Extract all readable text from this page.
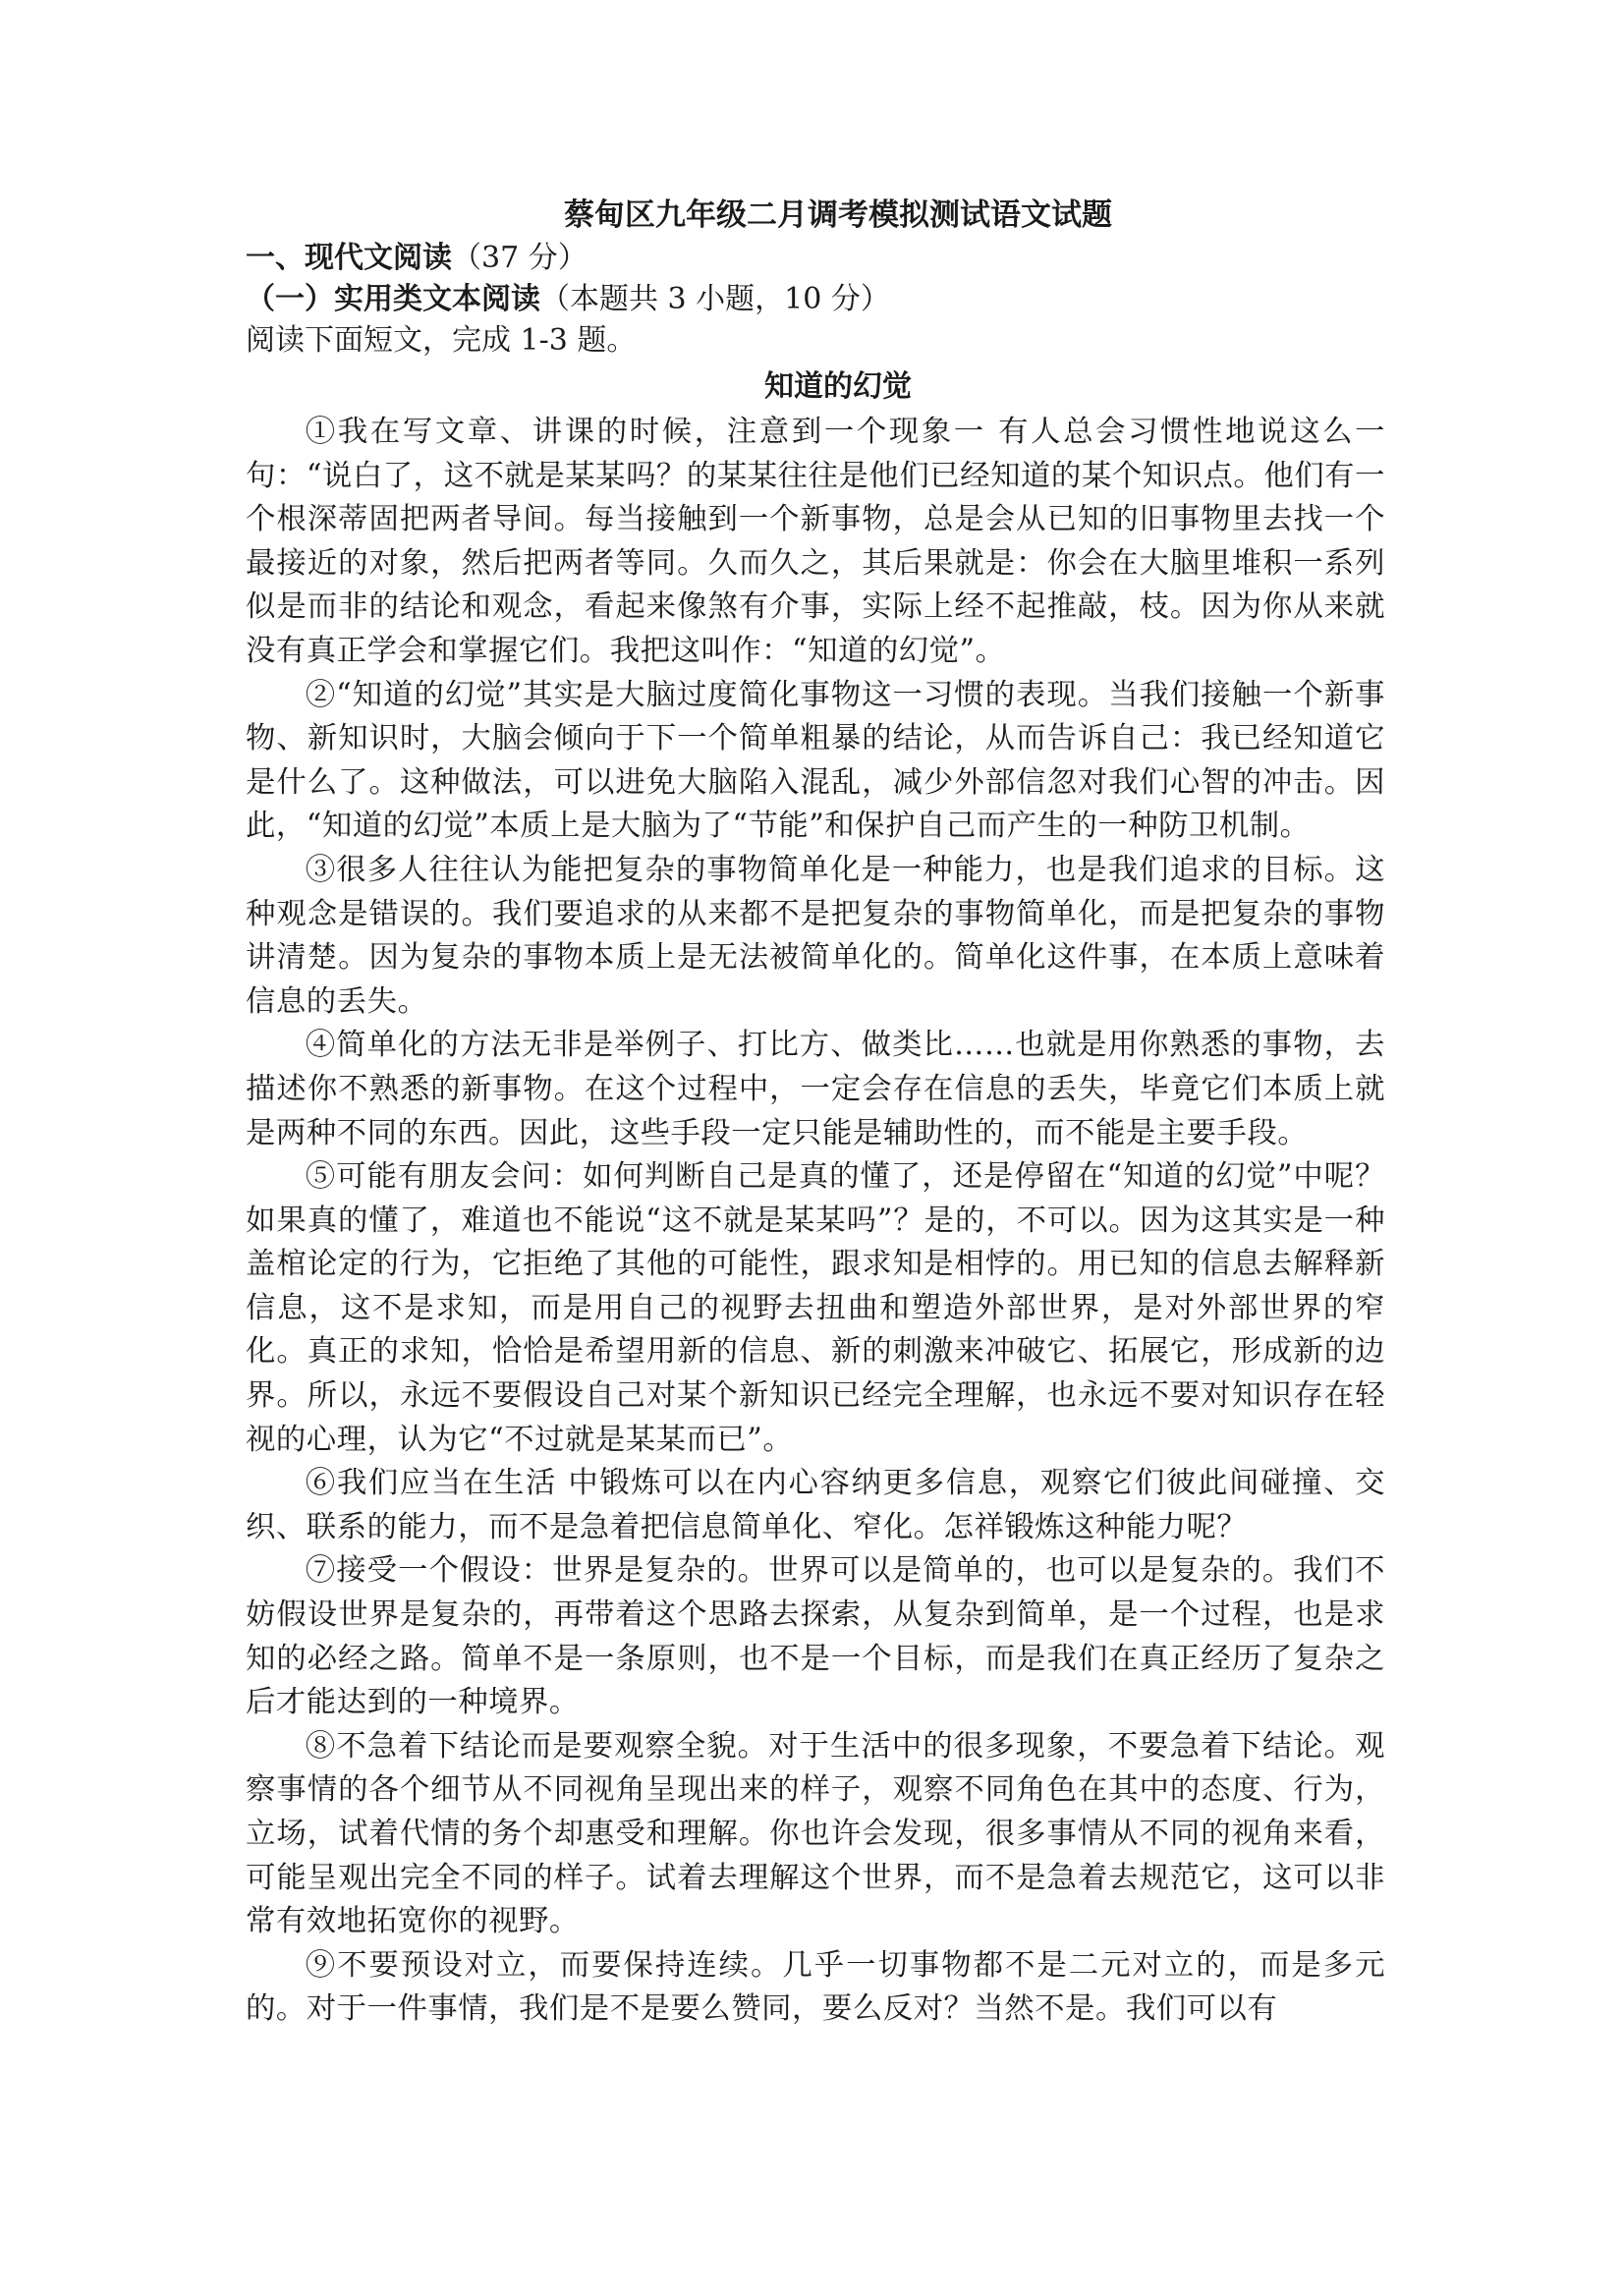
蔡甸区九年级二月调考模拟测试语文试题

一、现代文阅读（37 分）

（一）实用类文本阅读（本题共 3 小题，10 分）

阅读下面短文，完成 1-3 题。

知道的幻觉

①我在写文章、讲课的时候，注意到一个现象一 有人总会习惯性地说这么一句：“说白了，这不就是某某吗？的某某往往是他们已经知道的某个知识点。他们有一个根深蒂固把两者导间。每当接触到一个新事物，总是会从已知的旧事物里去找一个最接近的对象，然后把两者等同。久而久之，其后果就是：你会在大脑里堆积一系列似是而非的结论和观念，看起来像煞有介事，实际上经不起推敲，枝。因为你从来就没有真正学会和掌握它们。我把这叫作：“知道的幻觉”。

②“知道的幻觉”其实是大脑过度简化事物这一习惯的表现。当我们接触一个新事物、新知识时，大脑会倾向于下一个简单粗暴的结论，从而告诉自己：我已经知道它是什么了。这种做法，可以进免大脑陷入混乱，减少外部信忽对我们心智的冲击。因此，“知道的幻觉”本质上是大脑为了“节能”和保护自己而产生的一种防卫机制。

③很多人往往认为能把复杂的事物简单化是一种能力，也是我们追求的目标。这种观念是错误的。我们要追求的从来都不是把复杂的事物简单化，而是把复杂的事物讲清楚。因为复杂的事物本质上是无法被简单化的。简单化这件事，在本质上意味着信息的丢失。

④简单化的方法无非是举例子、打比方、做类比……也就是用你熟悉的事物，去描述你不熟悉的新事物。在这个过程中，一定会存在信息的丢失，毕竟它们本质上就是两种不同的东西。因此，这些手段一定只能是辅助性的，而不能是主要手段。

⑤可能有朋友会问：如何判断自己是真的懂了，还是停留在“知道的幻觉”中呢？如果真的懂了，难道也不能说“这不就是某某吗”？是的，不可以。因为这其实是一种盖棺论定的行为，它拒绝了其他的可能性，跟求知是相悖的。用已知的信息去解释新信息，这不是求知，而是用自己的视野去扭曲和塑造外部世界，是对外部世界的窄化。真正的求知，恰恰是希望用新的信息、新的刺激来冲破它、拓展它，形成新的边界。所以，永远不要假设自己对某个新知识已经完全理解，也永远不要对知识存在轻视的心理，认为它“不过就是某某而已”。

⑥我们应当在生活 中锻炼可以在内心容纳更多信息，观察它们彼此间碰撞、交织、联系的能力，而不是急着把信息简单化、窄化。怎祥锻炼这种能力呢？

⑦接受一个假设：世界是复杂的。世界可以是简单的，也可以是复杂的。我们不妨假设世界是复杂的，再带着这个思路去探索，从复杂到简单，是一个过程，也是求知的必经之路。简单不是一条原则，也不是一个目标，而是我们在真正经历了复杂之后才能达到的一种境界。

⑧不急着下结论而是要观察全貌。对于生活中的很多现象，不要急着下结论。观察事情的各个细节从不同视角呈现出来的样子，观察不同角色在其中的态度、行为，立场，试着代情的务个却惠受和理解。你也许会发现，很多事情从不同的视角来看，可能呈观出完全不同的样子。试着去理解这个世界，而不是急着去规范它，这可以非常有效地拓宽你的视野。

⑨不要预设对立，而要保持连续。几乎一切事物都不是二元对立的，而是多元的。对于一件事情，我们是不是要么赞同，要么反对？当然不是。我们可以有
